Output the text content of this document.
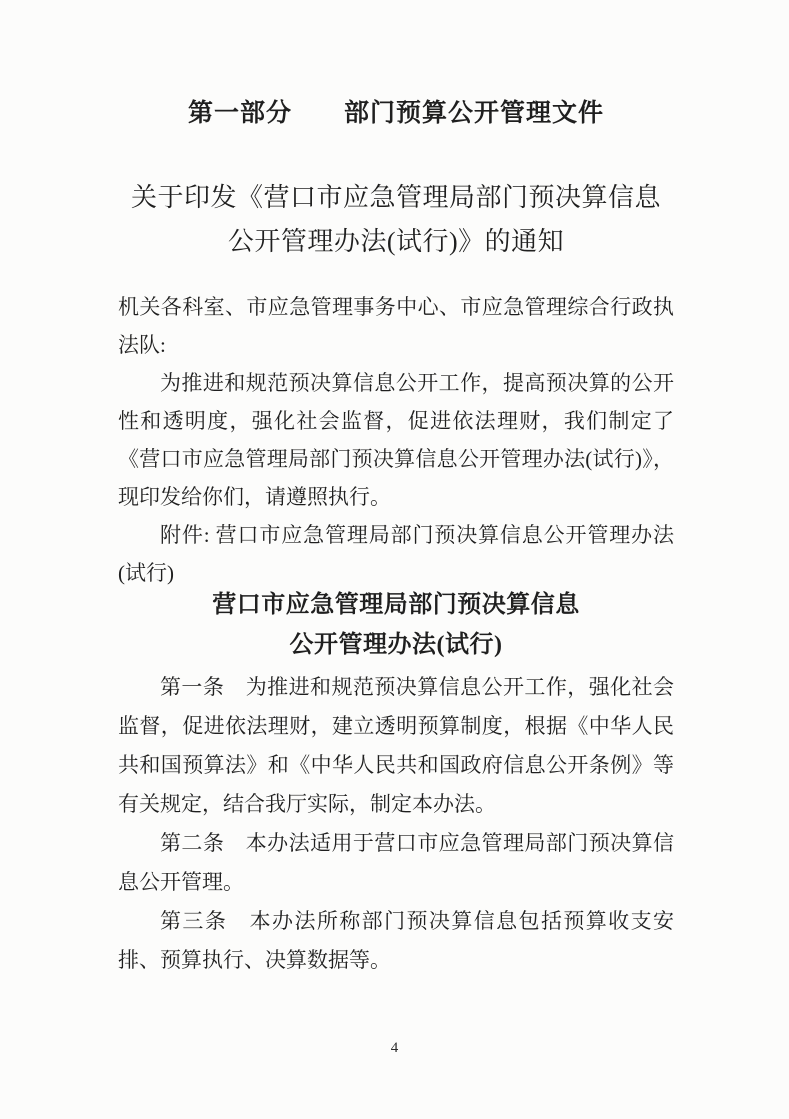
第一部分　　部门预算公开管理文件
关于印发《营口市应急管理局部门预决算信息公开管理办法(试行)》的通知

机关各科室、市应急管理事务中心、市应急管理综合行政执法队:

为推进和规范预决算信息公开工作，提高预决算的公开性和透明度，强化社会监督，促进依法理财，我们制定了《营口市应急管理局部门预决算信息公开管理办法(试行)》，现印发给你们，请遵照执行。

附件: 营口市应急管理局部门预决算信息公开管理办法(试行)

营口市应急管理局部门预决算信息
公开管理办法(试行)

第一条　为推进和规范预决算信息公开工作，强化社会监督，促进依法理财，建立透明预算制度，根据《中华人民共和国预算法》和《中华人民共和国政府信息公开条例》等有关规定，结合我厅实际，制定本办法。

第二条　本办法适用于营口市应急管理局部门预决算信息公开管理。

第三条　本办法所称部门预决算信息包括预算收支安排、预算执行、决算数据等。

4
